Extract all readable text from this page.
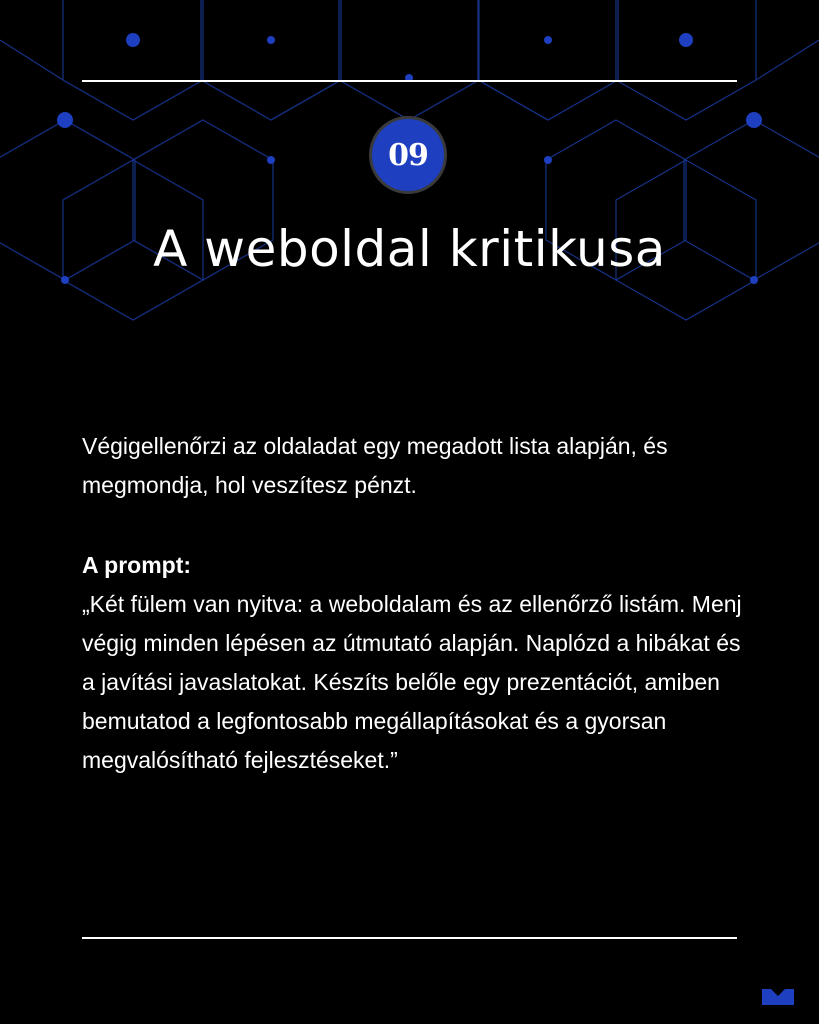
09
A weboldal kritikusa

Végigellenőrzi az oldaladat egy megadott lista alapján, és megmondja, hol veszítesz pénzt.

A prompt:

„Két fülem van nyitva: a weboldalam és az ellenőrző listám. Menj végig minden lépésen az útmutató alapján. Naplózd a hibákat és a javítási javaslatokat. Készíts belőle egy prezentációt, amiben bemutatod a legfontosabb megállapításokat és a gyorsan megvalósítható fejlesztéseket.”
